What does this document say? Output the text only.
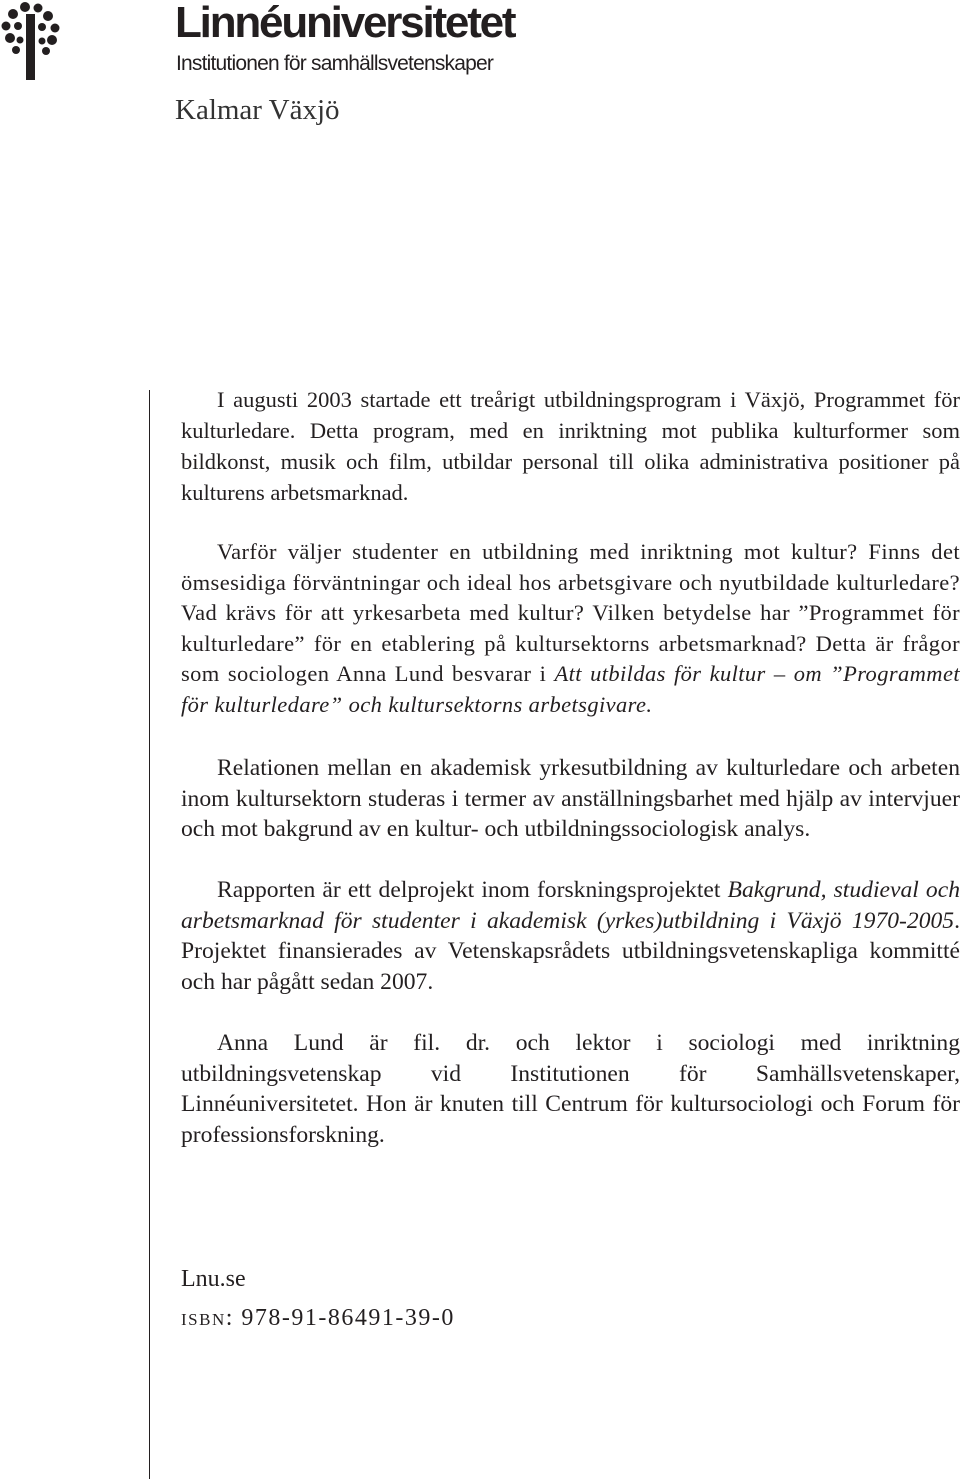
Linnéuniversitetet
Institutionen för samhällsvetenskaper
Kalmar Växjö

I augusti 2003 startade ett treårigt utbildningsprogram i Växjö, Programmet för kulturledare. Detta program, med en inriktning mot publika kulturformer som bildkonst, musik och film, utbildar personal till olika administrativa positioner på kulturens arbetsmarknad.

Varför väljer studenter en utbildning med inriktning mot kultur? Finns det ömsesidiga förväntningar och ideal hos arbetsgivare och nyutbildade kulturledare? Vad krävs för att yrkesarbeta med kultur? Vilken betydelse har ”Programmet för kulturledare” för en etablering på kultursektorns arbetsmarknad? Detta är frågor som sociologen Anna Lund besvarar i Att utbildas för kultur – om ”Programmet för kulturledare” och kultursektorns arbetsgivare.

Relationen mellan en akademisk yrkesutbildning av kulturledare och arbeten inom kultursektorn studeras i termer av anställningsbarhet med hjälp av intervjuer och mot bakgrund av en kultur- och utbildningssociologisk analys.

Rapporten är ett delprojekt inom forskningsprojektet Bakgrund, studieval och arbetsmarknad för studenter i akademisk (yrkes)utbildning i Växjö 1970-2005. Projektet finansierades av Vetenskapsrådets utbildningsvetenskapliga kommitté och har pågått sedan 2007.

Anna Lund är fil. dr. och lektor i sociologi med inriktning utbildningsvetenskap vid Institutionen för Samhällsvetenskaper, Linnéuniversitetet. Hon är knuten till Centrum för kultursociologi och Forum för professionsforskning.

Lnu.se
isbn: 978-91-86491-39-0
